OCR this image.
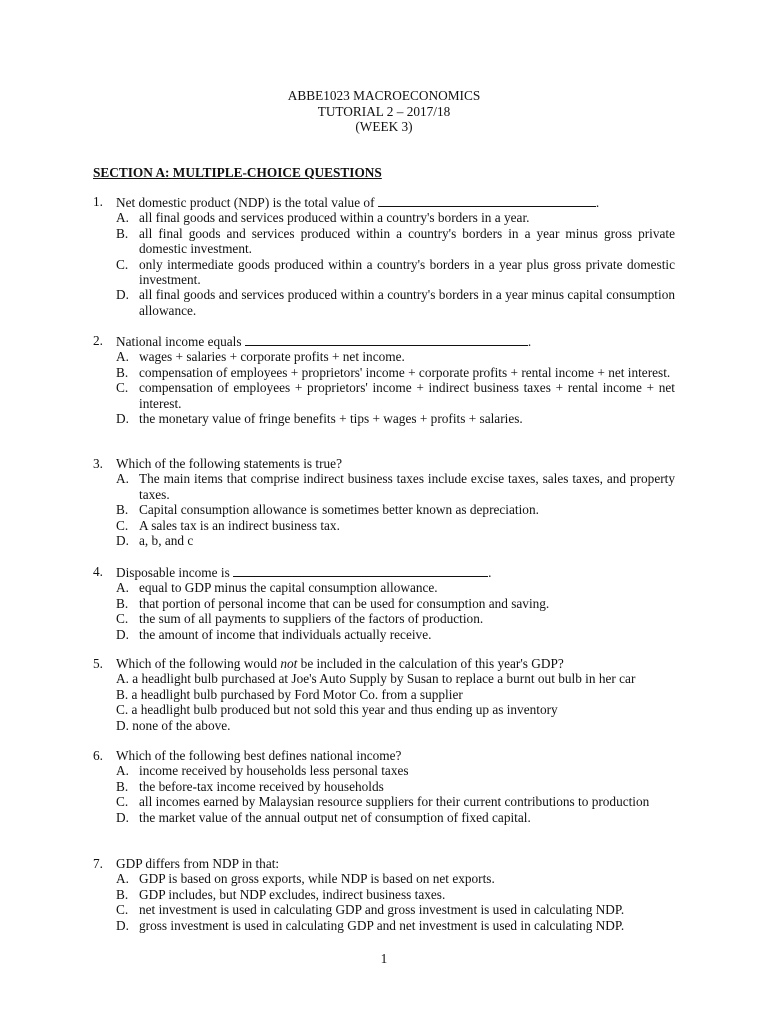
ABBE1023 MACROECONOMICS
TUTORIAL 2 – 2017/18
(WEEK 3)
SECTION A: MULTIPLE-CHOICE QUESTIONS
1. Net domestic product (NDP) is the total value of	.
A. all final goods and services produced within a country's borders in a year.
B. all final goods and services produced within a country's borders in a year minus gross private domestic investment.
C. only intermediate goods produced within a country's borders in a year plus gross private domestic investment.
D. all final goods and services produced within a country's borders in a year minus capital consumption allowance.
2. National income equals	.
A. wages + salaries + corporate profits + net income.
B. compensation of employees + proprietors' income + corporate profits + rental income + net interest.
C. compensation of employees + proprietors' income + indirect business taxes + rental income + net interest.
D. the monetary value of fringe benefits + tips + wages + profits + salaries.
3. Which of the following statements is true?
A. The main items that comprise indirect business taxes include excise taxes, sales taxes, and property taxes.
B. Capital consumption allowance is sometimes better known as depreciation.
C. A sales tax is an indirect business tax.
D. a, b, and c
4. Disposable income is	.
A. equal to GDP minus the capital consumption allowance.
B. that portion of personal income that can be used for consumption and saving.
C. the sum of all payments to suppliers of the factors of production.
D. the amount of income that individuals actually receive.
5. Which of the following would not be included in the calculation of this year's GDP?
A. a headlight bulb purchased at Joe's Auto Supply by Susan to replace a burnt out bulb in her car
B. a headlight bulb purchased by Ford Motor Co. from a supplier
C. a headlight bulb produced but not sold this year and thus ending up as inventory
D. none of the above.
6. Which of the following best defines national income?
A. income received by households less personal taxes
B. the before-tax income received by households
C. all incomes earned by Malaysian resource suppliers for their current contributions to production
D. the market value of the annual output net of consumption of fixed capital.
7. GDP differs from NDP in that:
A. GDP is based on gross exports, while NDP is based on net exports.
B. GDP includes, but NDP excludes, indirect business taxes.
C. net investment is used in calculating GDP and gross investment is used in calculating NDP.
D. gross investment is used in calculating GDP and net investment is used in calculating NDP.
1
